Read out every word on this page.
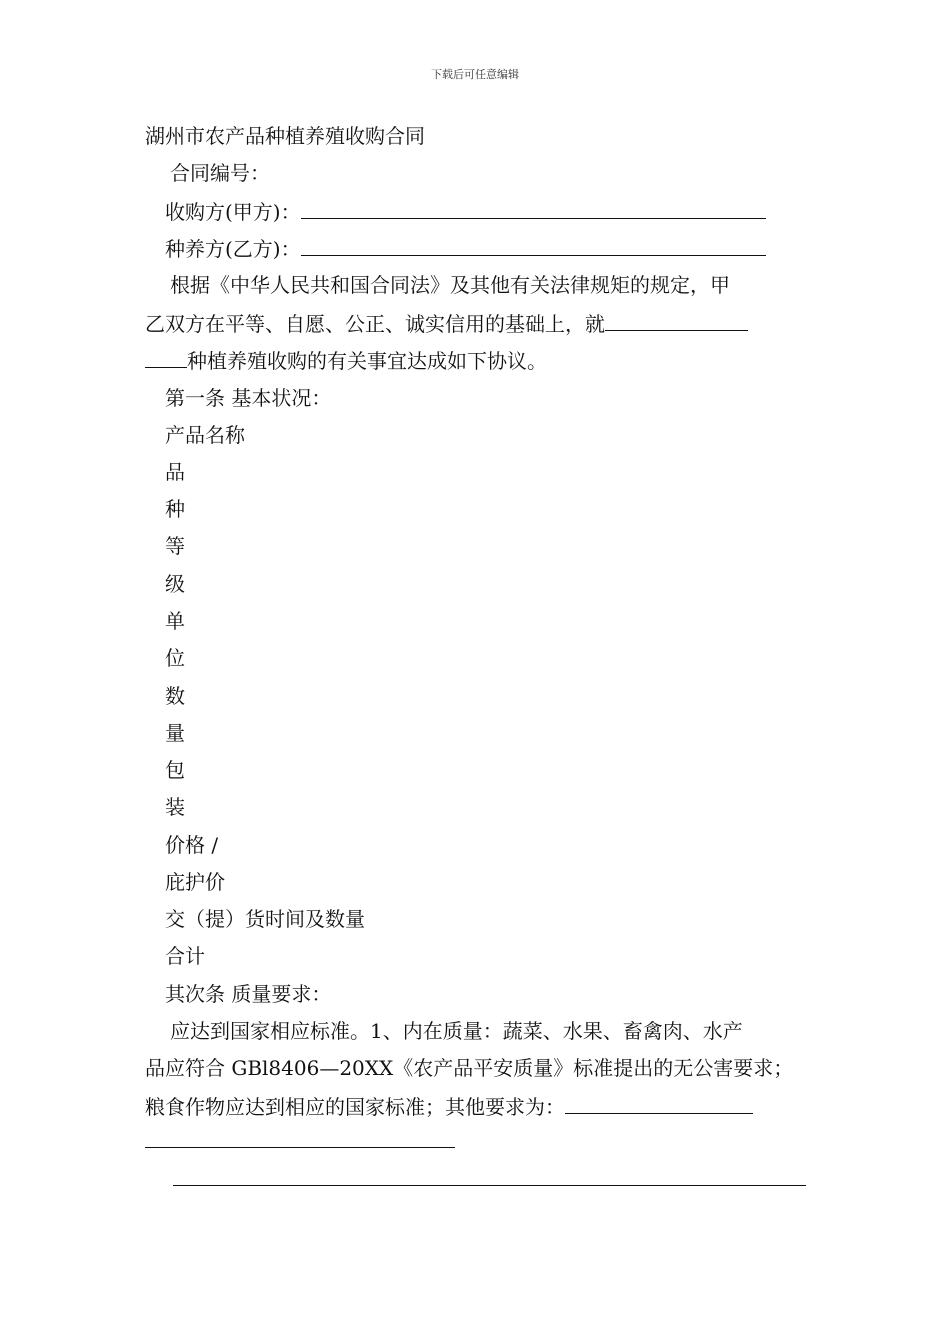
下载后可任意编辑
湖州市农产品种植养殖收购合同
合同编号：
收购方(甲方)：
种养方(乙方)：
根据《中华人民共和国合同法》及其他有关法律规矩的规定，甲
乙双方在平等、自愿、公正、诚实信用的基础上，就
种植养殖收购的有关事宜达成如下协议。
第一条 基本状况：
产品名称
品
种
等
级
单
位
数
量
包
装
价格 /
庇护价
交（提）货时间及数量
合计
其次条 质量要求：
应达到国家相应标准。1、内在质量：蔬菜、水果、畜禽肉、水产
品应符合 GBl8406—20XX《农产品平安质量》标准提出的无公害要求；
粮食作物应达到相应的国家标准；其他要求为：
